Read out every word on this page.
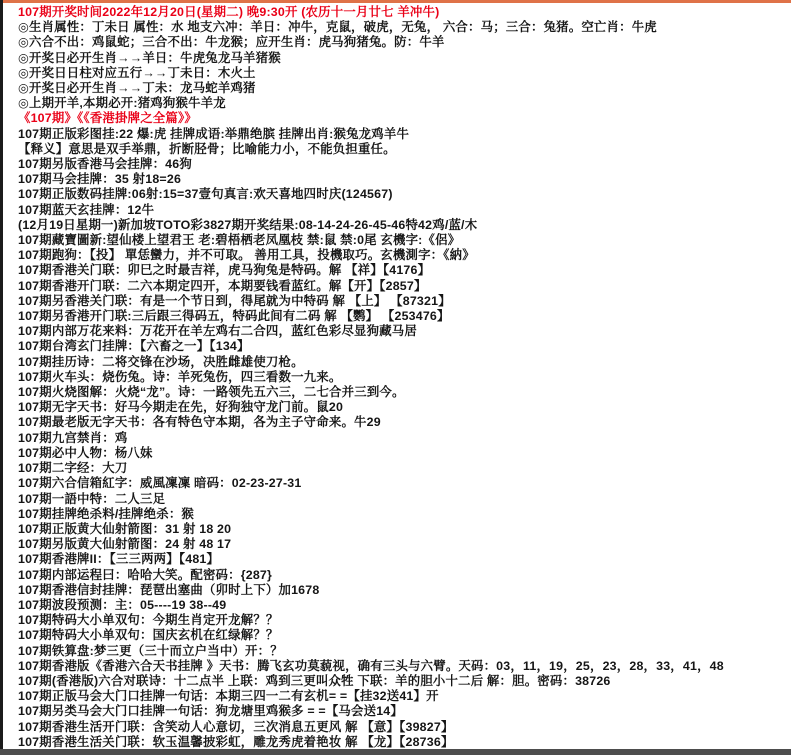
107期开奖时间2022年12月20日(星期二) 晚9:30开 (农历十一月廿七 羊冲牛)
◎生肖属性：丁未日 属性：水 地支六冲：羊日：冲牛，克鼠，破虎，无兔， 六合：马；三合：兔猪。空亡肖：牛虎
◎六合不出：鸡鼠蛇；三合不出：牛龙猴；应开生肖：虎马狗猪兔。防：牛羊
◎开奖日必开生肖→→羊日：牛虎兔龙马羊猪猴
◎开奖日日柱对应五行→→丁未日：木火土
◎开奖日必开生肖→→丁未：龙马蛇羊鸡猪
◎上期开羊,本期必开:猪鸡狗猴牛羊龙
《107期》《《香港掛牌之全篇》》
107期正版彩图挂:22 爆:虎 挂牌成语:举鼎绝膑 挂牌出肖:猴兔龙鸡羊牛
【释义】意思是双手举鼎，折断胫骨；比喻能力小，不能负担重任。
107期另版香港马会挂牌：46狗
107期马会挂牌：35 射18=26
107期正版数码挂牌:06射:15=37壹句真言:欢天喜地四时庆(124567)
107期蓝天玄挂牌：12牛
(12月19日星期一)新加坡TOTO彩3827期开奖结果:08-14-24-26-45-46特42鸡/蓝/木
107期藏寶圖新:望仙楼上望君王 老:碧梧栖老凤凰枝 禁:鼠 禁:0尾 玄機字:《侶》
107期跑狗：【投】 單恁蠻力，并不可取。 善用工具，投機取巧。玄機測字：《納》
107期香港关门联：卯巳之时最吉祥，虎马狗兔是特码。解 【祥】【4176】
107期香港开门联：二六本期定四开，本期要钱看蓝红。解【开】【2857】
107期另香港关门联：有是一个节日到，得尾就为中特码 解 【上】 【87321】
107期另香港开门联:三后跟三得码五，特码此间有二码 解 【鹦】 【253476】
107期内部万花来料：万花开在羊左鸡右二合四，蓝红色彩尽显狗藏马居
107期台湾玄门挂牌：【六畜之一】【134】
107期挂历诗：二将交锋在沙场，决胜雌雄使刀枪。
107期火车头：烧伤兔。诗：羊死兔伤，四三看数一九来。
107期火烧图解：火烧“龙”。诗：一路领先五六三，二七合并三到今。
107期无字天书：好马今期走在先，好狗独守龙门前。鼠20
107期最老版无字天书：各有特色守本期，各为主子守命来。牛29
107期九宫禁肖：鸡
107期必中人物：杨八妹
107期二字经：大刀
107期六合信箱紅字：威風凜凜 暗码：02-23-27-31
107期一語中特：二人三足
107期挂牌绝杀料/挂牌绝杀：猴
107期正版黄大仙射箭图：31 射 18 20
107期另版黄大仙射箭图：24 射 48 17
107期香港牌II：【三三两两】【481】
107期内部运程曰：哈哈大笑。配密码：{287}
107期香港信封挂牌：琵琶出塞曲（卯时上下）加1678
107期波段预测：主：05----19 38--49
107期特码大小单双句：今期生肖定开龙解？？
107期特码大小单双句：国庆玄机在红绿解？？
107期铁算盘:梦三更（三十而立户当中）开：？
107期香港版《香港六合天书挂牌 》天书：腾飞玄功莫藐视，确有三头与六臂。天码：03，11，19，25，23，28，33，41，48
107期(香港版)六合对联诗：十二点半 上联：鸡到三更叫众牲 下联：羊的胆小十二后 解：胆。密码：38726
107期正版马会大门口挂牌一句话：本期三四一二有玄机= =【挂32送41】开
107期另类马会大门口挂牌一句话：狗龙塘里鸡猴多 = =【马会送14】
107期香港生活开门联：含笑动人心意切，三次消息五更风 解 【意】【39827】
107期香港生活关门联：软玉温馨披彩虹，雕龙秀虎着艳妆 解 【龙】【28736】
